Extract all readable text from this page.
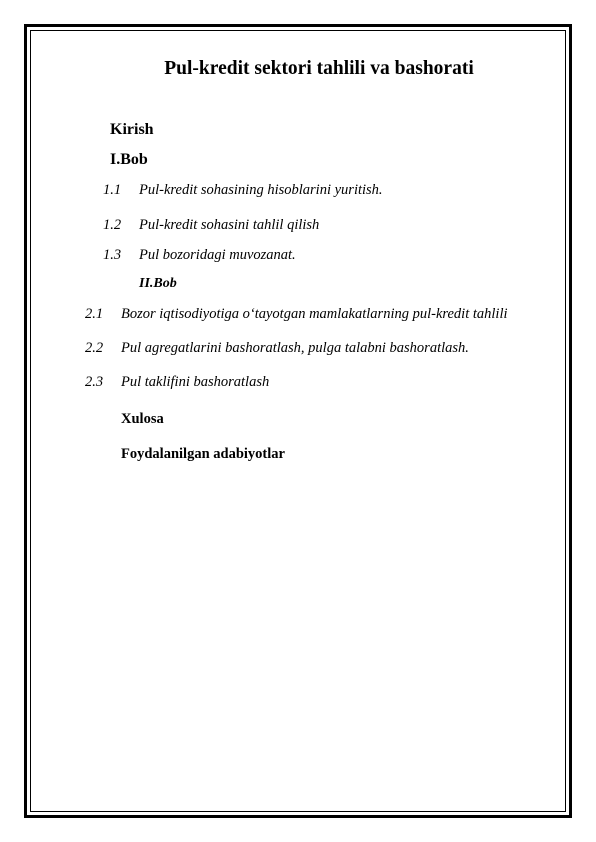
Pul-kredit sektori tahlili va bashorati
Kirish
I.Bob
1.1 Pul-kredit sohasining hisoblarini yuritish.
1.2 Pul-kredit sohasini tahlil qilish
1.3 Pul bozoridagi muvozanat.
II.Bob
2.1 Bozor iqtisodiyotiga o‘tayotgan mamlakatlarning pul-kredit tahlili
2.2 Pul agregatlarini bashoratlash, pulga talabni bashoratlash.
2.3 Pul taklifini bashoratlash
Xulosa
Foydalanilgan adabiyotlar
